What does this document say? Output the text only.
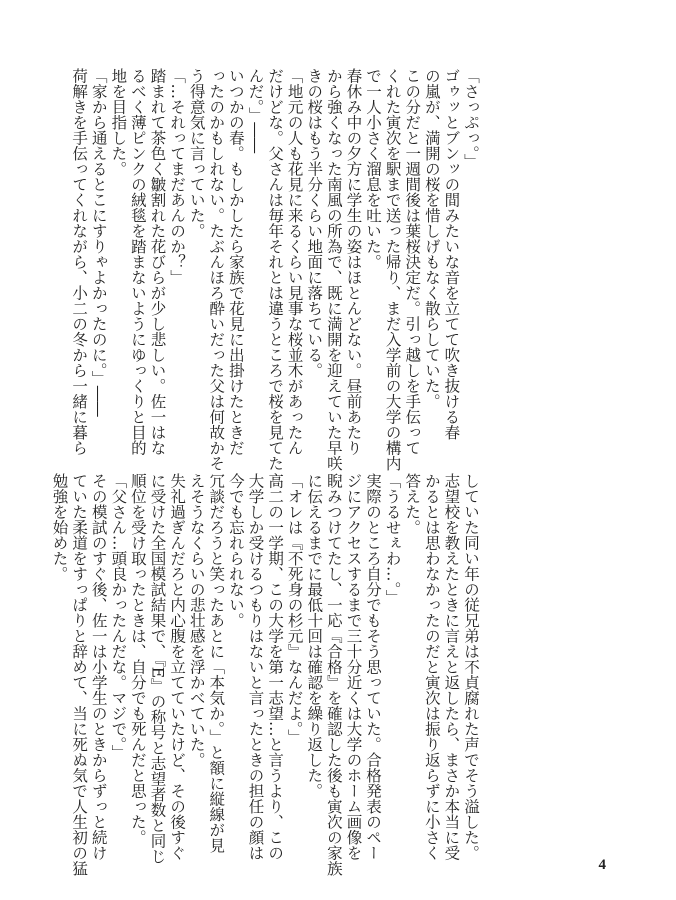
「さっぷっ。」
ゴゥッとブンッの間みたいな音を立てて吹き抜ける春
の嵐が、満開の桜を惜しげもなく散らしていた。
この分だと一週間後は葉桜決定だ。引っ越しを手伝って
くれた寅次を駅まで送った帰り、まだ入学前の大学の構内
で一人小さく溜息を吐いた。
春休み中の夕方に学生の姿はほとんどない。昼前あたり
から強くなった南風の所為で、既に満開を迎えていた早咲
きの桜はもう半分くらい地面に落ちている。
「地元の人も花見に来るくらい見事な桜並木があったん
だけどな。父さんは毎年それとは違うところで桜を見てた
んだ。」――
いつかの春。もしかしたら家族で花見に出掛けたときだ
ったのかもしれない。たぶんほろ酔いだった父は何故かそ
う得意気に言っていた。
「…それってまだあんのか？」
踏まれて茶色く皺割れた花びらが少し悲しい。佐一はな
るべく薄ピンクの絨毯を踏まないようにゆっくりと目的
地を目指した。
「家から通えるとこにすりゃよかったのに。」――
荷解きを手伝ってくれながら、小二の冬から一緒に暮ら
していた同い年の従兄弟は不貞腐れた声でそう溢した。
志望校を教えたときに言えと返したら、まさか本当に受
かるとは思わなかったのだと寅次は振り返らずに小さく
答えた。
「うるせぇわ…。」
実際のところ自分でもそう思っていた。合格発表のペー
ジにアクセスするまで三十分近くは大学のホーム画像を
睨みつけてたし、一応『合格』を確認した後も寅次の家族
に伝えるまでに最低十回は確認を繰り返した。
「オレは『不死身の杉元』なんだよ。」
高二の一学期、この大学を第一志望…と言うより、この
大学しか受けるつもりはないと言ったときの担任の顔は
今でも忘れられない。
冗談だろうと笑ったあとに「本気か。」と額に縦線が見
えそうなくらいの悲壮感を浮かべていた。
失礼過ぎんだろと内心腹を立てていたけど、その後すぐ
に受けた全国模試結果で、『E』の称号と志望者数と同じ
順位を受け取ったときは、自分でも死んだと思った。
「父さん…頭良かったんだな。マジで。」
その模試のすぐ後、佐一は小学生のときからずっと続け
ていた柔道をすっぱりと辞めて、当に死ぬ気で人生初の猛
勉強を始めた。
4
